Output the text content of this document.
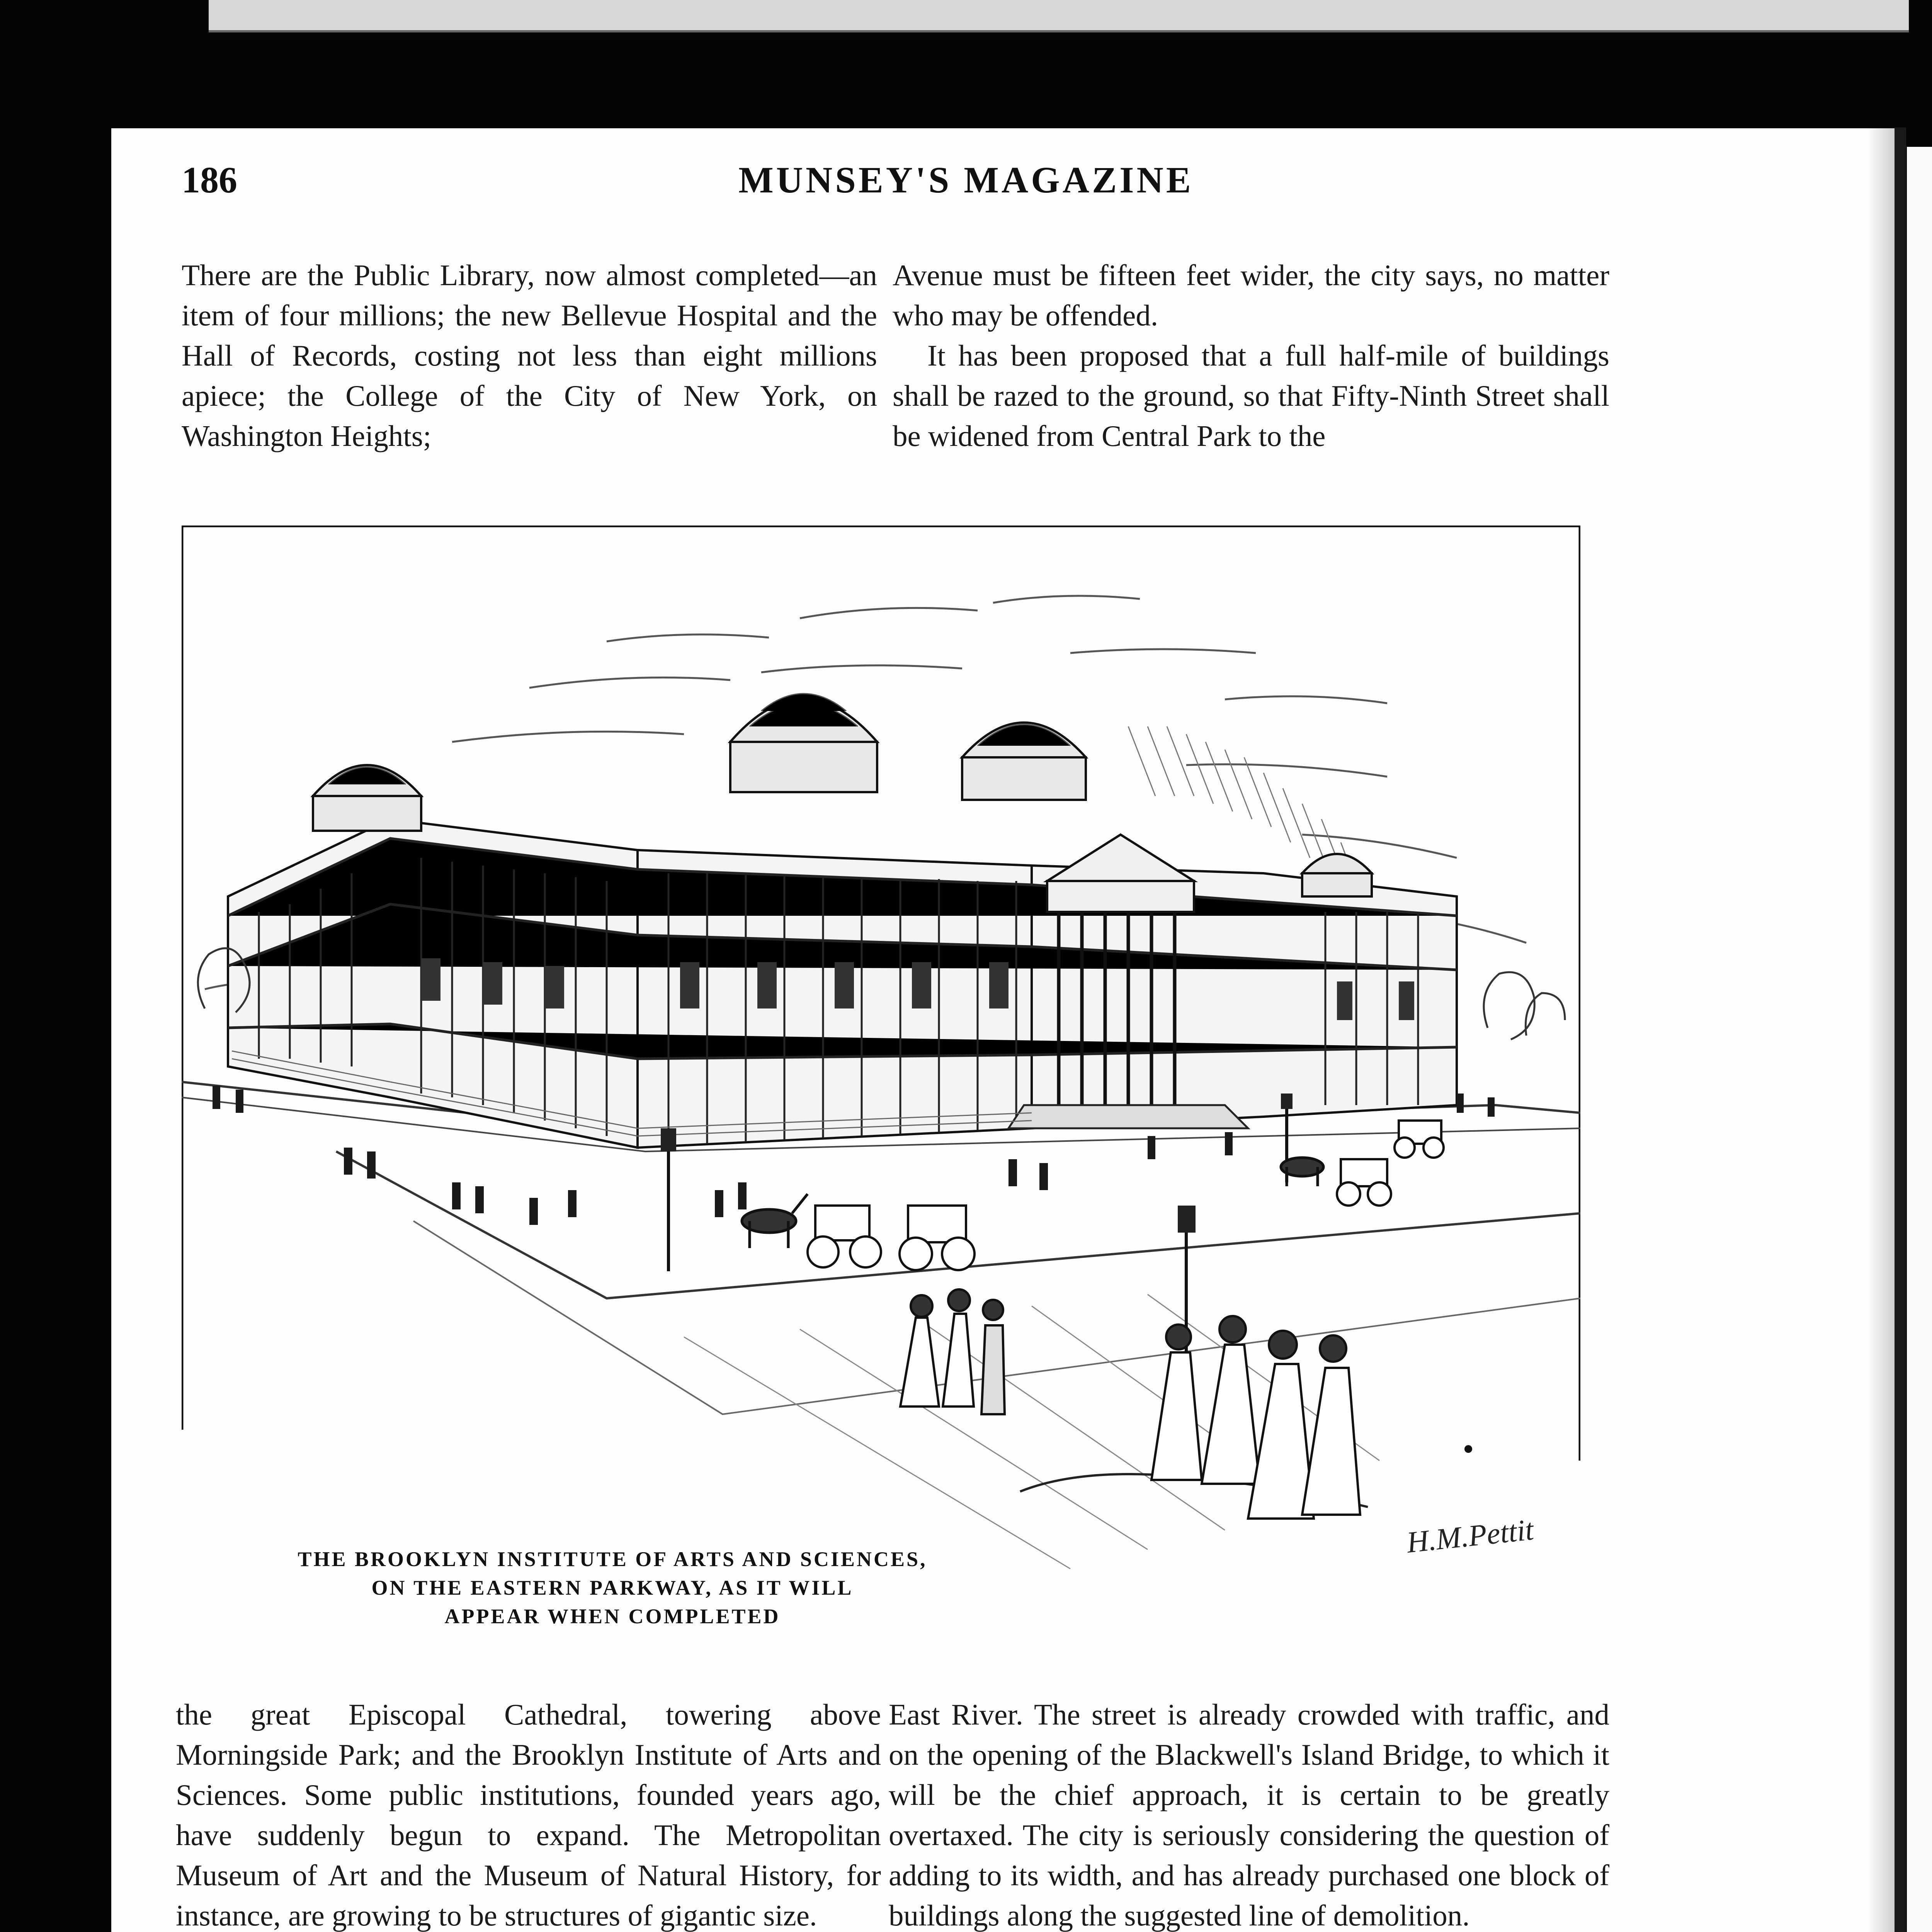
186	MUNSEY'S MAGAZINE

There are the Public Library, now almost completed—an item of four millions; the new Bellevue Hospital and the Hall of Records, costing not less than eight millions apiece; the College of the City of New York, on Washington Heights;

Avenue must be fifteen feet wider, the city says, no matter who may be offended.

It has been proposed that a full half-mile of buildings shall be razed to the ground, so that Fifty-Ninth Street shall be widened from Central Park to the

THE BROOKLYN INSTITUTE OF ARTS AND SCIENCES,
ON THE EASTERN PARKWAY, AS IT WILL
APPEAR WHEN COMPLETED
H.M.Pettit

the great Episcopal Cathedral, towering above Morningside Park; and the Brooklyn Institute of Arts and Sciences. Some public institutions, founded years ago, have suddenly begun to expand. The Metropolitan Museum of Art and the Museum of Natural History, for instance, are growing to be structures of gigantic size.

East River. The street is already crowded with traffic, and on the opening of the Blackwell's Island Bridge, to which it will be the chief approach, it is certain to be greatly overtaxed. The city is seriously considering the question of adding to its width, and has already purchased one block of buildings along the suggested line of demolition.
